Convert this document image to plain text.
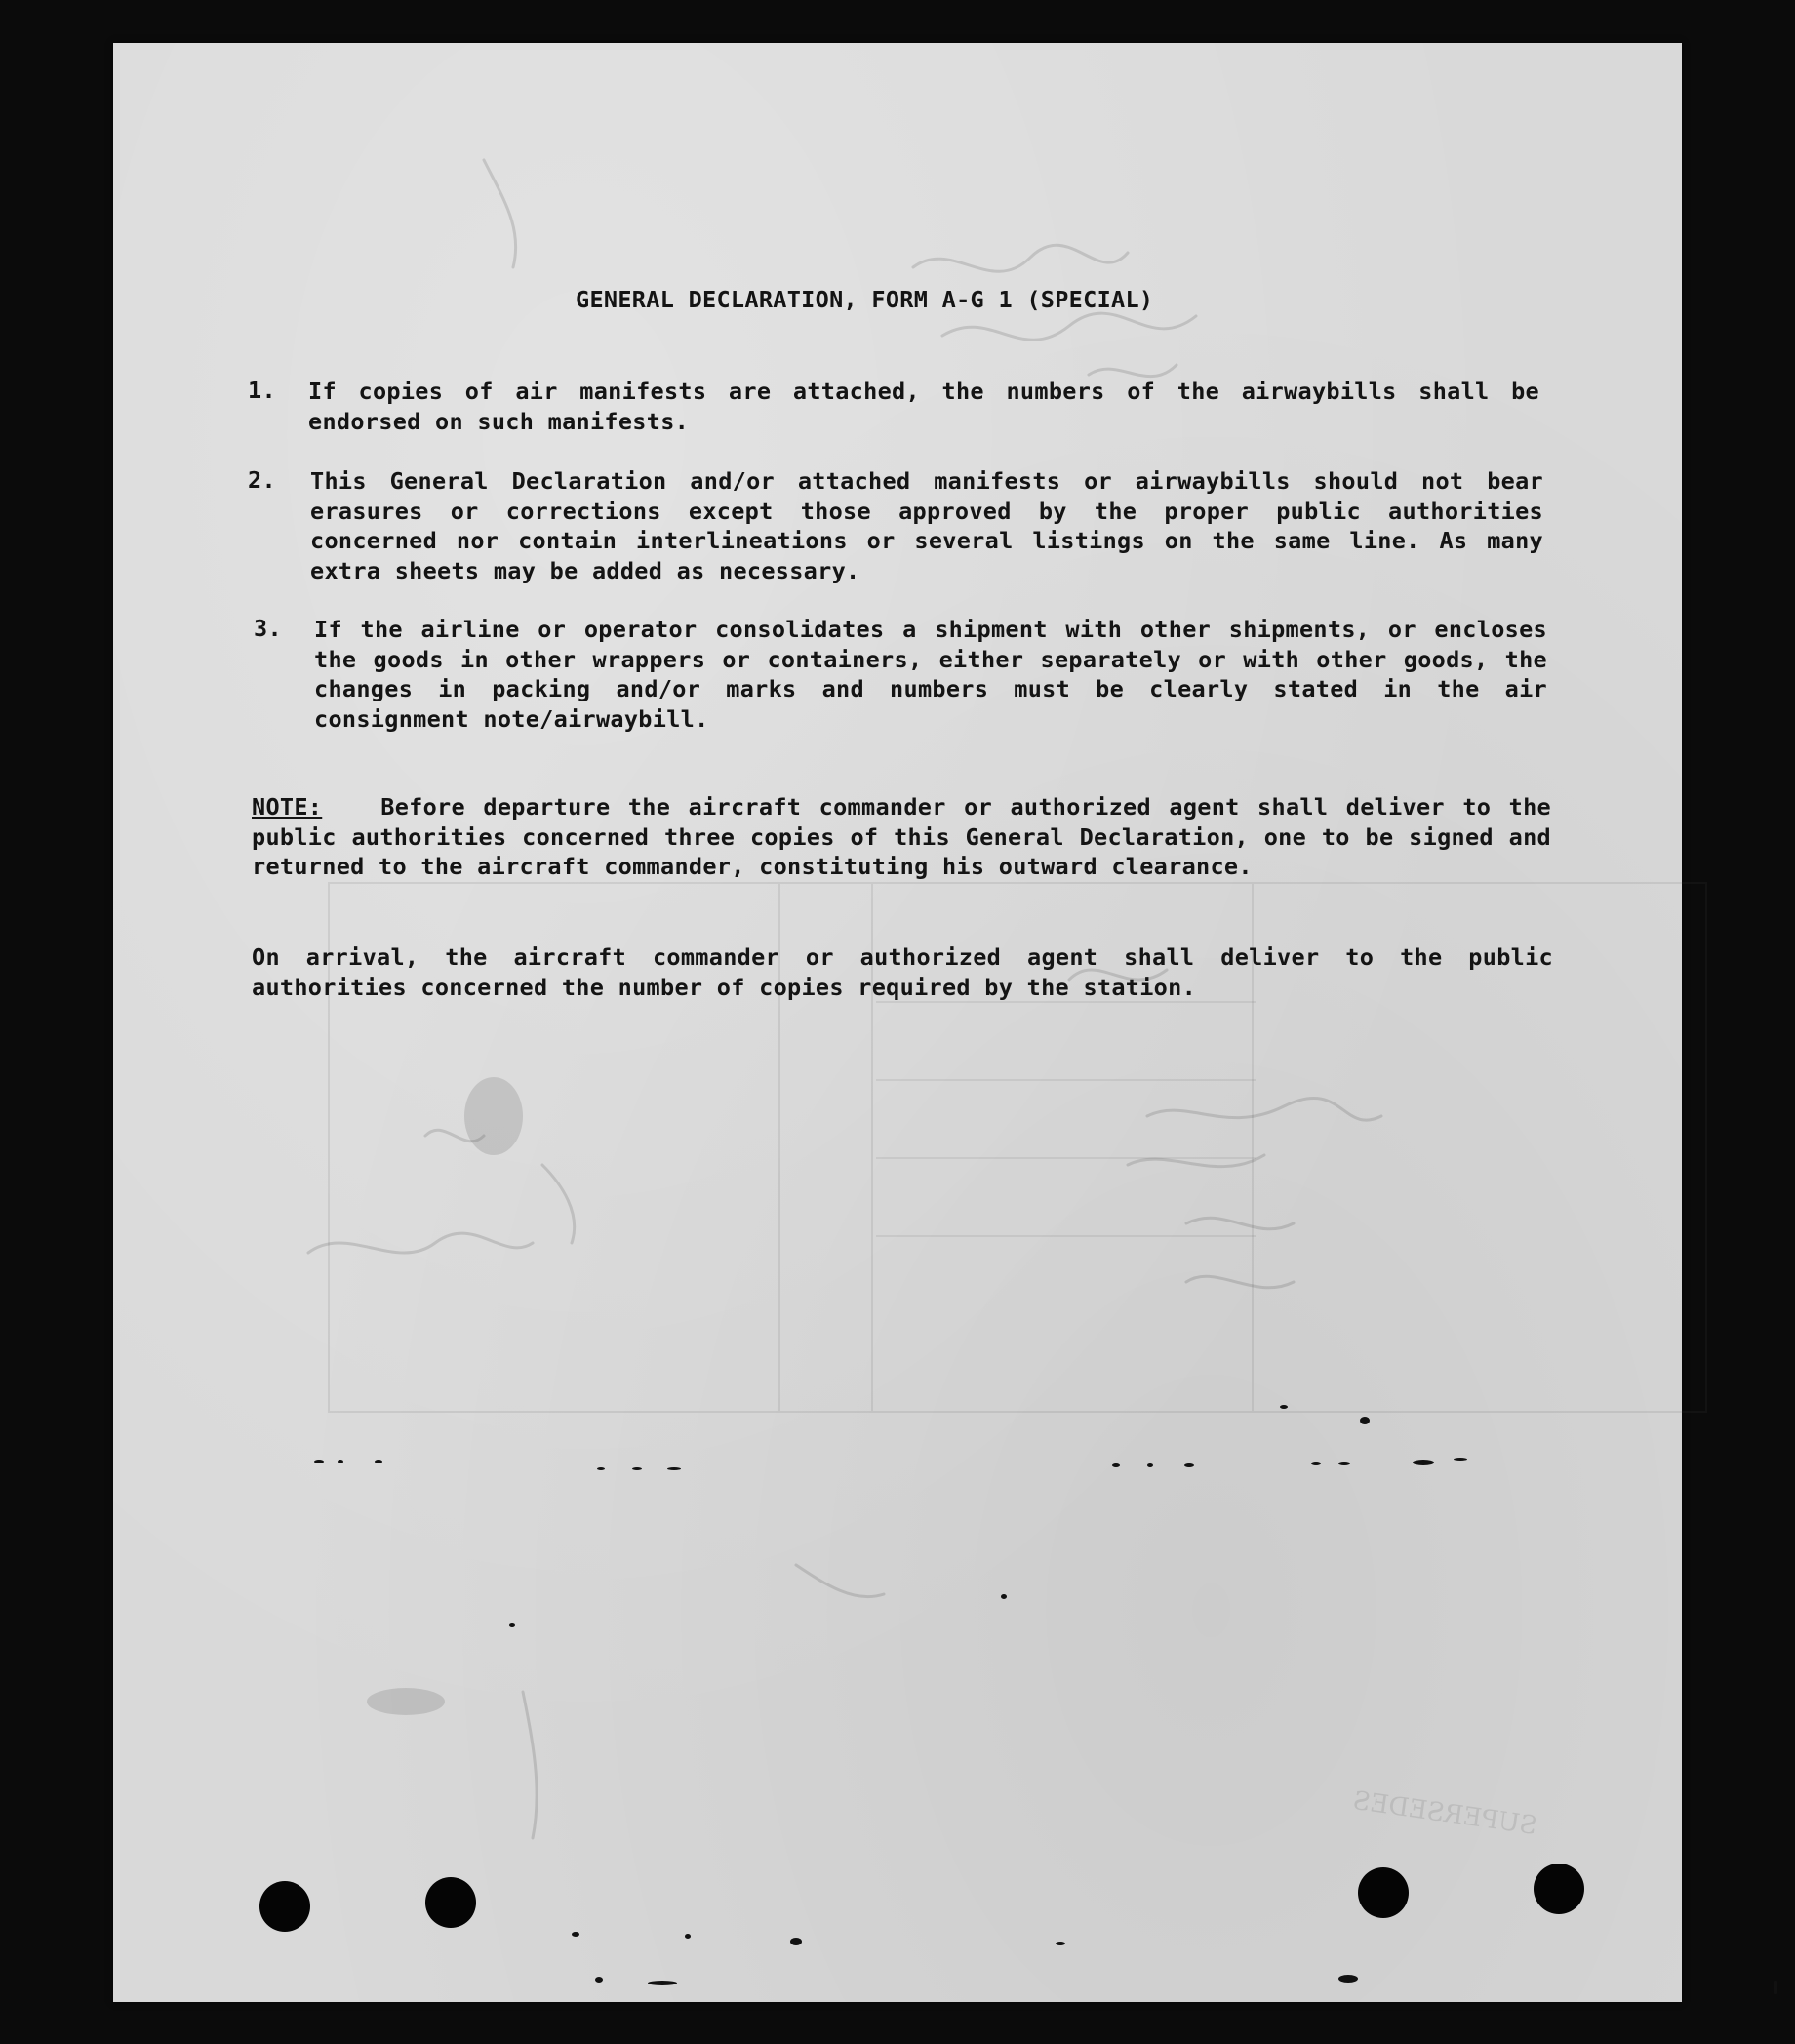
SUPERSEDES
GENERAL DECLARATION, FORM A-G 1 (SPECIAL)
1. If copies of air manifests are attached, the numbers of the airwaybills shall be endorsed on such manifests.
2. This General Declaration and/or attached manifests or airwaybills should not bear erasures or corrections except those approved by the proper public authorities concerned nor contain interlineations or several listings on the same line. As many extra sheets may be added as necessary.
3. If the airline or operator consolidates a shipment with other shipments, or encloses the goods in other wrappers or containers, either separately or with other goods, the changes in packing and/or marks and numbers must be clearly stated in the air consignment note/airwaybill.
NOTE:	Before departure the aircraft commander or authorized agent shall deliver to the public authorities concerned three copies of this General Declaration, one to be signed and returned to the aircraft commander, constituting his outward clearance.
On arrival, the aircraft commander or authorized agent shall deliver to the public authorities concerned the number of copies required by the station.
